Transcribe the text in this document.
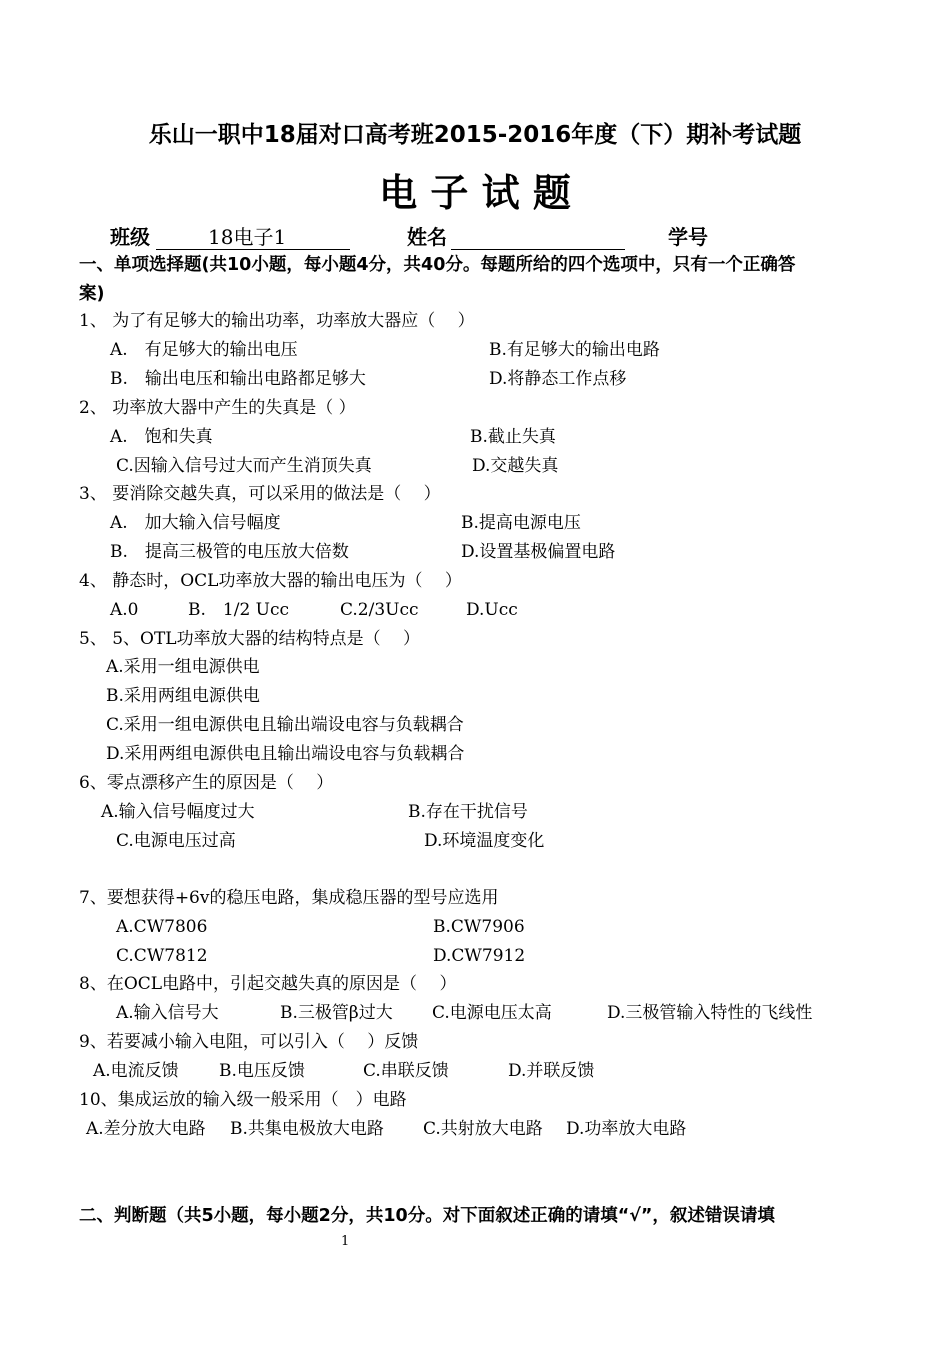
乐山一职中18届对口高考班2015-2016年度（下）期补考试题
电 子 试 题
班级	18电子1	姓名	学号
一、单项选择题(共10小题，每小题4分，共40分。每题所给的四个选项中，只有一个正确答
案)
1、 为了有足够大的输出功率，功率放大器应（　 ）
A.　有足够大的输出电压	B.有足够大的输出电路
B.　输出电压和输出电路都足够大	D.将静态工作点移
2、 功率放大器中产生的失真是（ ）
A.　饱和失真	B.截止失真
C.因输入信号过大而产生消顶失真	D.交越失真
3、 要消除交越失真，可以采用的做法是（　 ）
A.　加大输入信号幅度	B.提高电源电压
B.　提高三极管的电压放大倍数	D.设置基极偏置电路
4、 静态时，OCL功率放大器的输出电压为（　 ）
A.0	B.　1/2 Ucc	C.2/3Ucc	D.Ucc
5、 5、OTL功率放大器的结构特点是（　 ）
A.采用一组电源供电
B.采用两组电源供电
C.采用一组电源供电且输出端设电容与负载耦合
D.采用两组电源供电且输出端设电容与负载耦合
6、零点漂移产生的原因是（　 ）
A.输入信号幅度过大	B.存在干扰信号
C.电源电压过高	D.环境温度变化
7、要想获得+6v的稳压电路，集成稳压器的型号应选用
A.CW7806	B.CW7906
C.CW7812	D.CW7912
8、在OCL电路中，引起交越失真的原因是（　 ）
A.输入信号大	B.三极管β过大 C.电源电压太高	D.三极管输入特性的飞线性
9、若要减小输入电阻，可以引入（　 ）反馈
A.电流反馈 B.电压反馈	C.串联反馈	D.并联反馈
10、集成运放的输入级一般采用（　）电路
A.差分放大电路 B.共集电极放大电路 C.共射放大电路 D.功率放大电路
二、判断题（共5小题，每小题2分，共10分。对下面叙述正确的请填“√”，叙述错误请填
1
